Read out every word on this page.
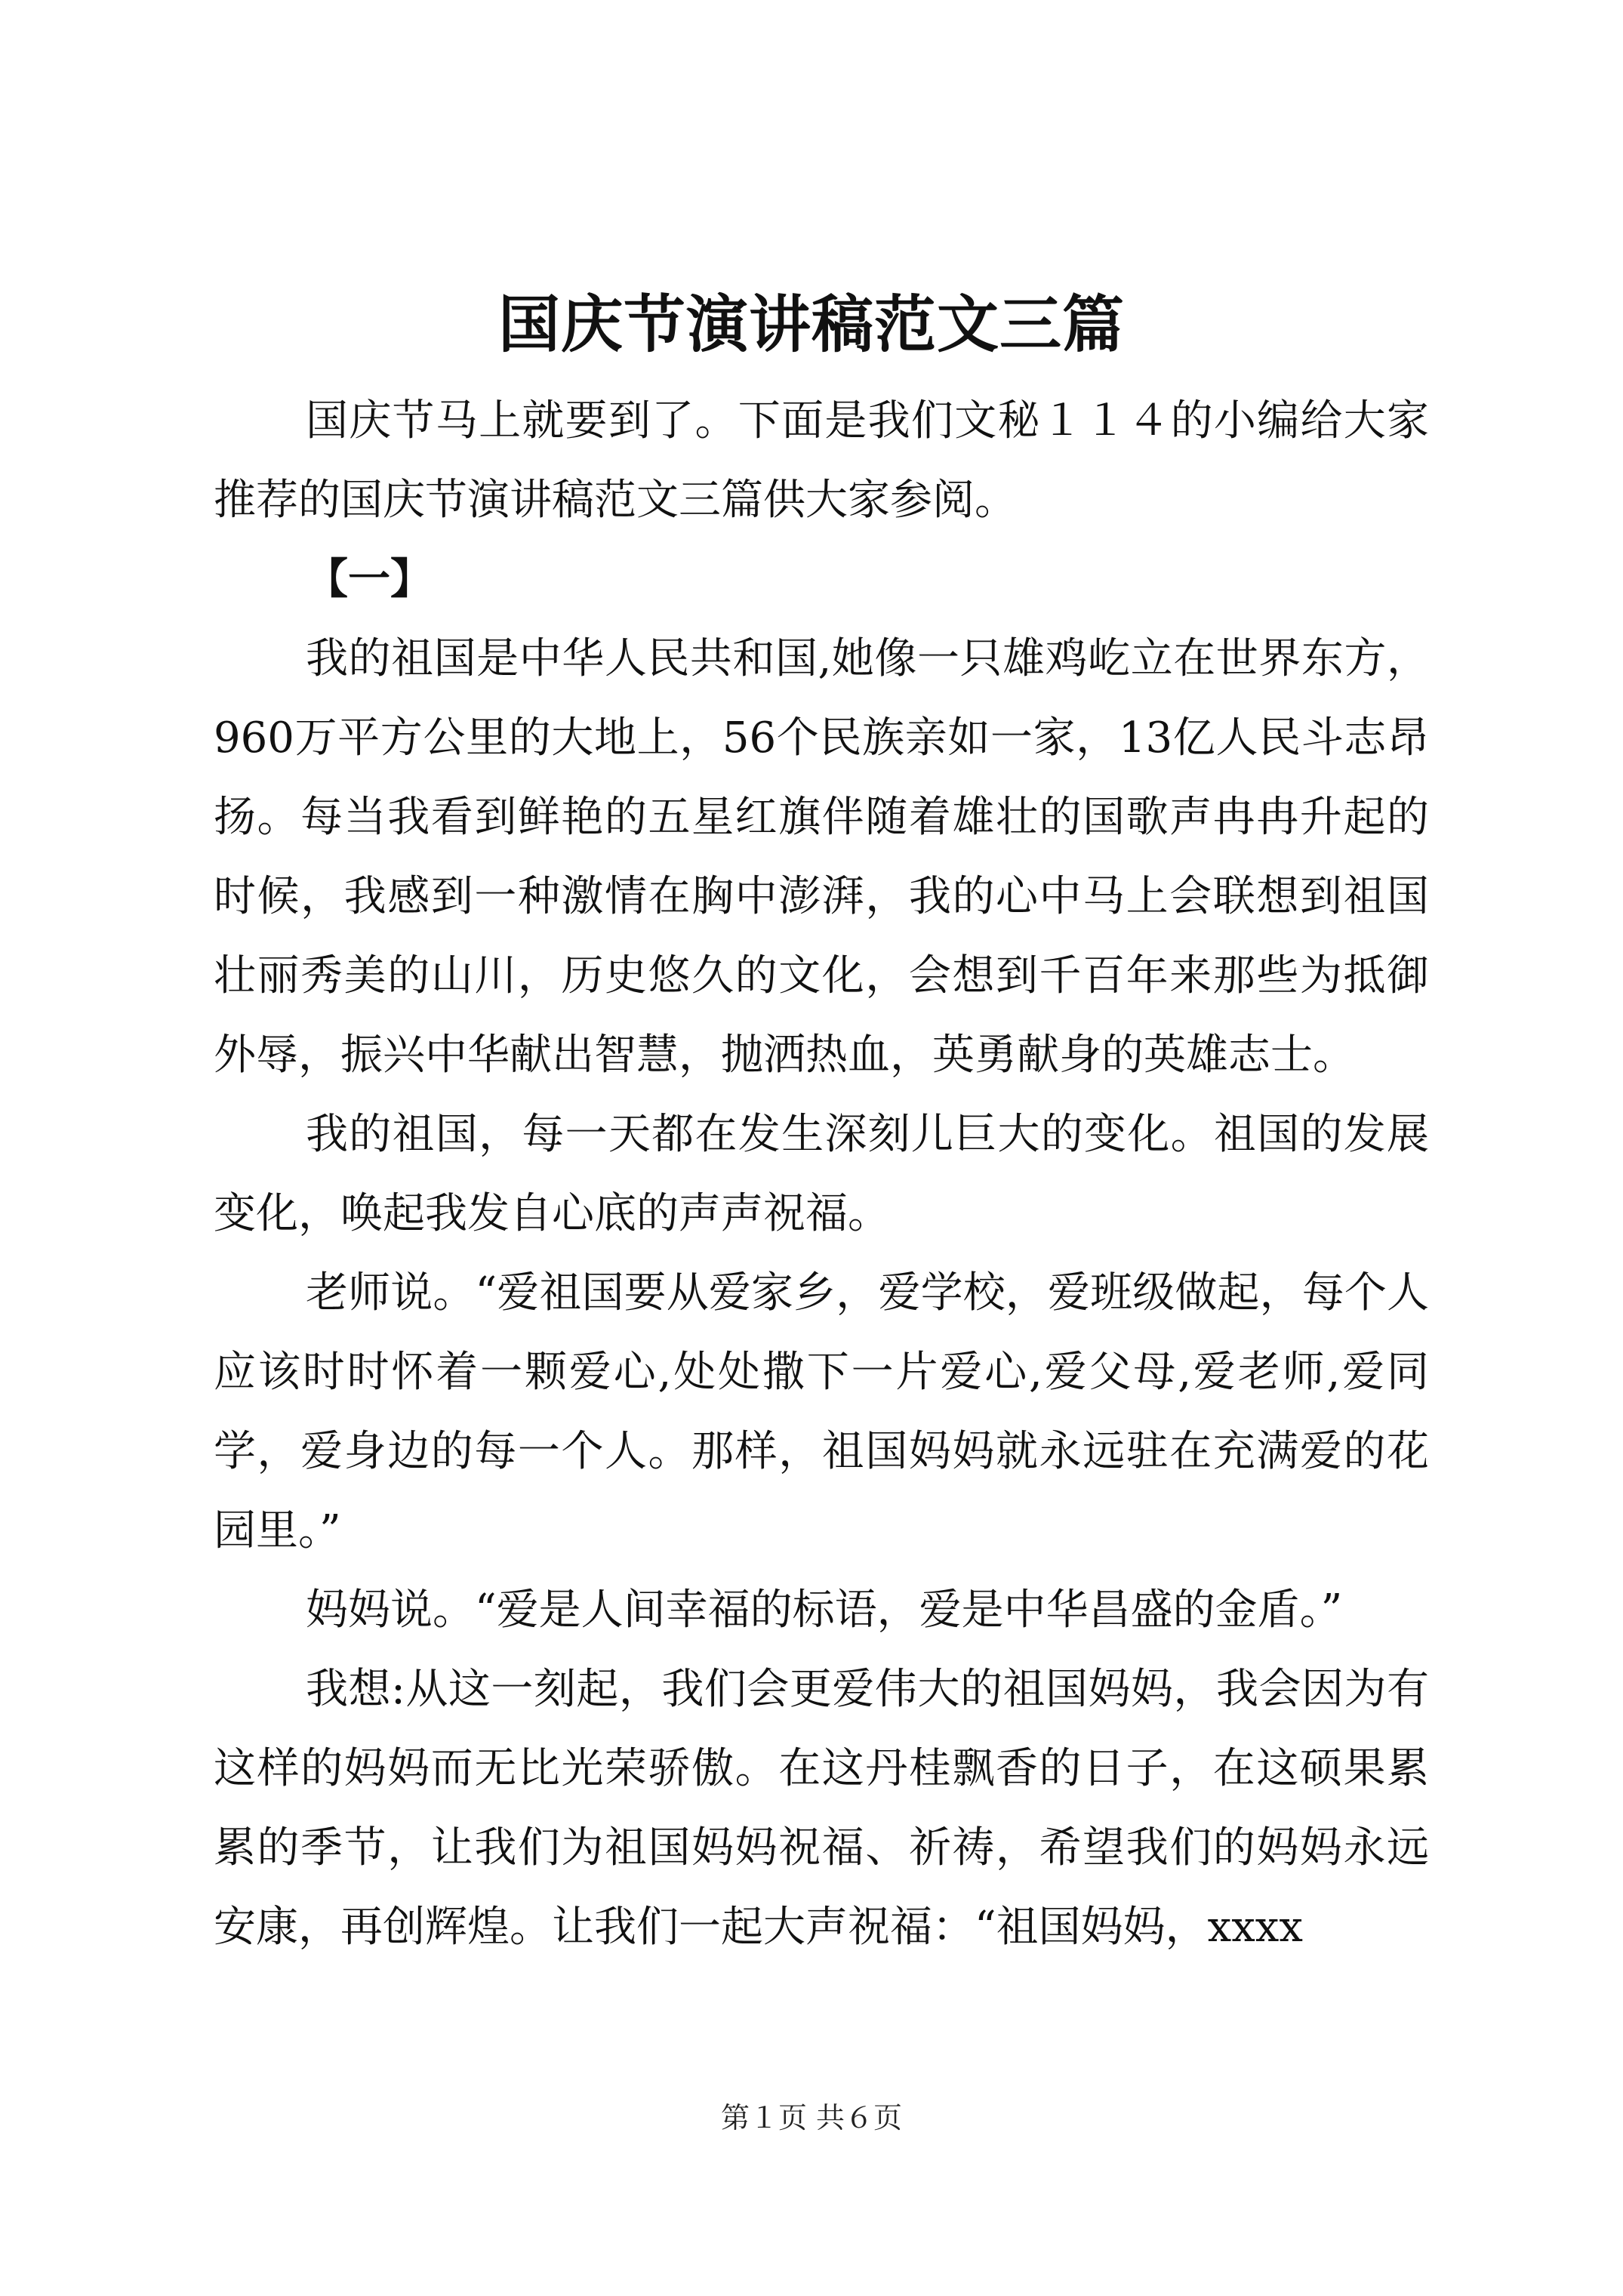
国庆节演讲稿范文三篇

国庆节马上就要到了。下面是我们文秘１１４的小编给大家推荐的国庆节演讲稿范文三篇供大家参阅。

【一】

我的祖国是中华人民共和国,她像一只雄鸡屹立在世界东方，960万平方公里的大地上，56个民族亲如一家，13亿人民斗志昂扬。每当我看到鲜艳的五星红旗伴随着雄壮的国歌声冉冉升起的时候，我感到一种激情在胸中澎湃，我的心中马上会联想到祖国壮丽秀美的山川，历史悠久的文化，会想到千百年来那些为抵御外辱，振兴中华献出智慧，抛洒热血，英勇献身的英雄志士。

我的祖国，每一天都在发生深刻儿巨大的变化。祖国的发展变化，唤起我发自心底的声声祝福。

老师说。“爱祖国要从爱家乡，爱学校，爱班级做起，每个人应该时时怀着一颗爱心,处处撒下一片爱心,爱父母,爱老师,爱同学，爱身边的每一个人。那样，祖国妈妈就永远驻在充满爱的花园里。”

妈妈说。“爱是人间幸福的标语，爱是中华昌盛的金盾。”

我想:从这一刻起，我们会更爱伟大的祖国妈妈，我会因为有这样的妈妈而无比光荣骄傲。在这丹桂飘香的日子，在这硕果累累的季节，让我们为祖国妈妈祝福、祈祷，希望我们的妈妈永远安康，再创辉煌。让我们一起大声祝福：“祖国妈妈，xxxx

第１页 共６页
